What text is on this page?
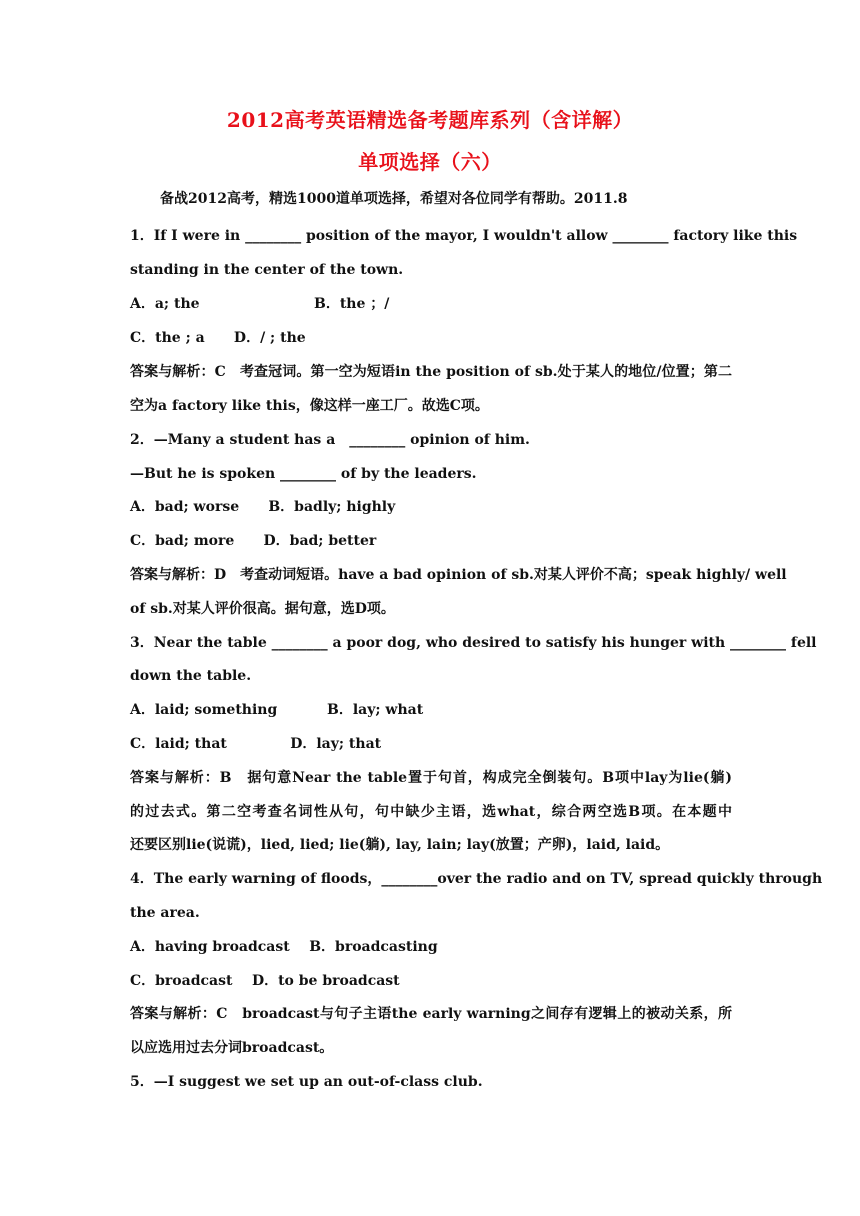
2012高考英语精选备考题库系列（含详解）
单项选择（六）
备战2012高考，精选1000道单项选择，希望对各位同学有帮助。2011.8
1．If I were in ________ position of the mayor, I wouldn't allow ________ factory like this
standing in the center of the town.
A．a; the	B．the ；/
C．the ; a      D．/ ; the
答案与解析：C　考查冠词。第一空为短语in the position of sb.处于某人的地位/位置；第二
空为a factory like this，像这样一座工厂。故选C项。
2．—Many a student has a　________ opinion of him.
—But he is spoken ________ of by the leaders.
A．bad; worse      B．badly; highly
C．bad; more      D．bad; better
答案与解析：D　考查动词短语。have a bad opinion of sb.对某人评价不高；speak highly/ well
of sb.对某人评价很高。据句意，选D项。
3．Near the table ________ a poor dog, who desired to satisfy his hunger with ________ fell
down the table.
A．laid; something	B．lay; what
C．laid; that             D．lay; that
答案与解析：B　据句意Near the table置于句首，构成完全倒装句。B项中lay为lie(躺)
的过去式。第二空考查名词性从句，句中缺少主语，选what，综合两空选B项。在本题中
还要区别lie(说谎)，lied, lied; lie(躺), lay, lain; lay(放置；产卵)，laid, laid。
4．The early warning of floods，________over the radio and on TV, spread quickly through
the area.
A．having broadcast    B．broadcasting
C．broadcast    D．to be broadcast
答案与解析：C　broadcast与句子主语the early warning之间存有逻辑上的被动关系，所
以应选用过去分词broadcast。
5．—I suggest we set up an out-of-class club.
